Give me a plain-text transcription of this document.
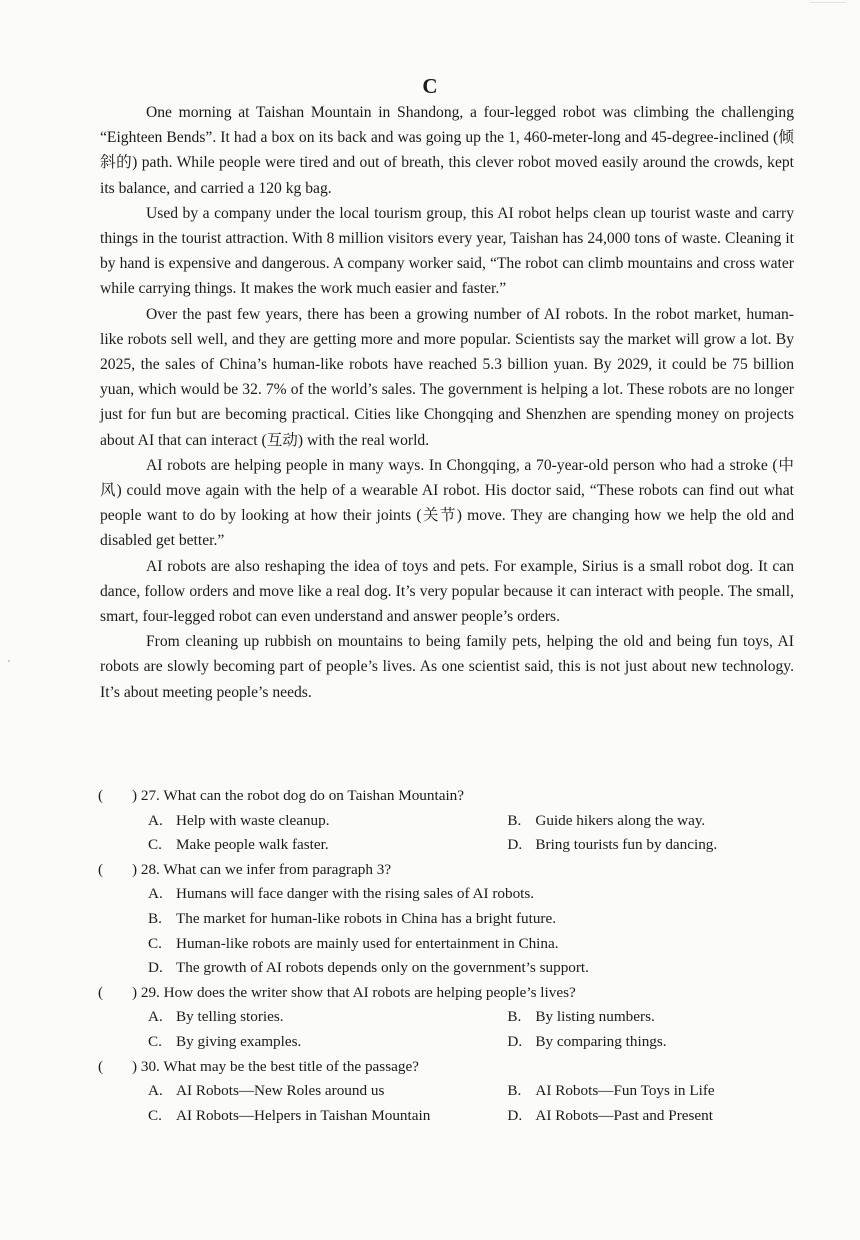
C

One morning at Taishan Mountain in Shandong, a four-legged robot was climbing the challenging “Eighteen Bends”. It had a box on its back and was going up the 1, 460-meter-long and 45-degree-inclined (倾斜的) path. While people were tired and out of breath, this clever robot moved easily around the crowds, kept its balance, and carried a 120 kg bag.

Used by a company under the local tourism group, this AI robot helps clean up tourist waste and carry things in the tourist attraction. With 8 million visitors every year, Taishan has 24,000 tons of waste. Cleaning it by hand is expensive and dangerous. A company worker said, “The robot can climb mountains and cross water while carrying things. It makes the work much easier and faster.”

Over the past few years, there has been a growing number of AI robots. In the robot market, human-like robots sell well, and they are getting more and more popular. Scientists say the market will grow a lot. By 2025, the sales of China’s human-like robots have reached 5.3 billion yuan. By 2029, it could be 75 billion yuan, which would be 32. 7% of the world’s sales. The government is helping a lot. These robots are no longer just for fun but are becoming practical. Cities like Chongqing and Shenzhen are spending money on projects about AI that can interact (互动) with the real world.

AI robots are helping people in many ways. In Chongqing, a 70-year-old person who had a stroke (中风) could move again with the help of a wearable AI robot. His doctor said, “These robots can find out what people want to do by looking at how their joints (关节) move. They are changing how we help the old and disabled get better.”

AI robots are also reshaping the idea of toys and pets. For example, Sirius is a small robot dog. It can dance, follow orders and move like a real dog. It’s very popular because it can interact with people. The small, smart, four-legged robot can even understand and answer people’s orders.

From cleaning up rubbish on mountains to being family pets, helping the old and being fun toys, AI robots are slowly becoming part of people’s lives. As one scientist said, this is not just about new technology. It’s about meeting people’s needs.

( ) 27. What can the robot dog do on Taishan Mountain?
A. Help with waste cleanup.	B. Guide hikers along the way.
C. Make people walk faster.	D. Bring tourists fun by dancing.
( ) 28. What can we infer from paragraph 3?
A. Humans will face danger with the rising sales of AI robots.
B. The market for human-like robots in China has a bright future.
C. Human-like robots are mainly used for entertainment in China.
D. The growth of AI robots depends only on the government’s support.
( ) 29. How does the writer show that AI robots are helping people’s lives?
A. By telling stories.	B. By listing numbers.
C. By giving examples.	D. By comparing things.
( ) 30. What may be the best title of the passage?
A. AI Robots—New Roles around us	B. AI Robots—Fun Toys in Life
C. AI Robots—Helpers in Taishan Mountain	D. AI Robots—Past and Present
